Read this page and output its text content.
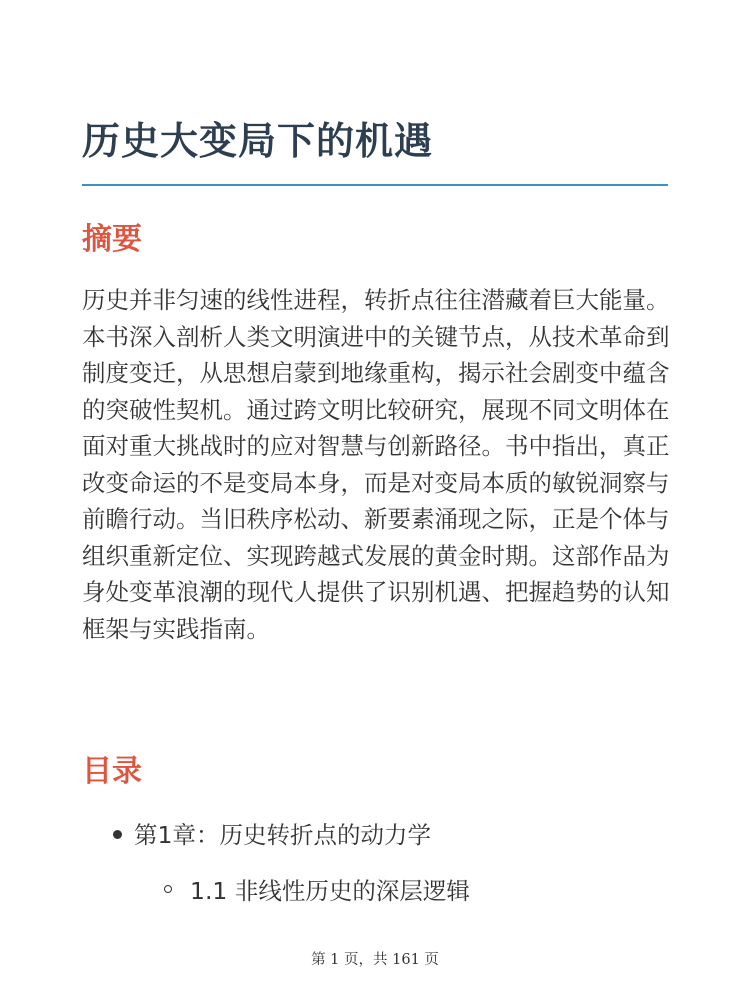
历史大变局下的机遇
摘要

历史并非匀速的线性进程，转折点往往潜藏着巨大能量。本书深入剖析人类文明演进中的关键节点，从技术革命到制度变迁，从思想启蒙到地缘重构，揭示社会剧变中蕴含的突破性契机。通过跨文明比较研究，展现不同文明体在面对重大挑战时的应对智慧与创新路径。书中指出，真正改变命运的不是变局本身，而是对变局本质的敏锐洞察与前瞻行动。当旧秩序松动、新要素涌现之际，正是个体与组织重新定位、实现跨越式发展的黄金时期。这部作品为身处变革浪潮的现代人提供了识别机遇、把握趋势的认知框架与实践指南。

目录
第1章：历史转折点的动力学
1.1 非线性历史的深层逻辑
第 1 页，共 161 页
